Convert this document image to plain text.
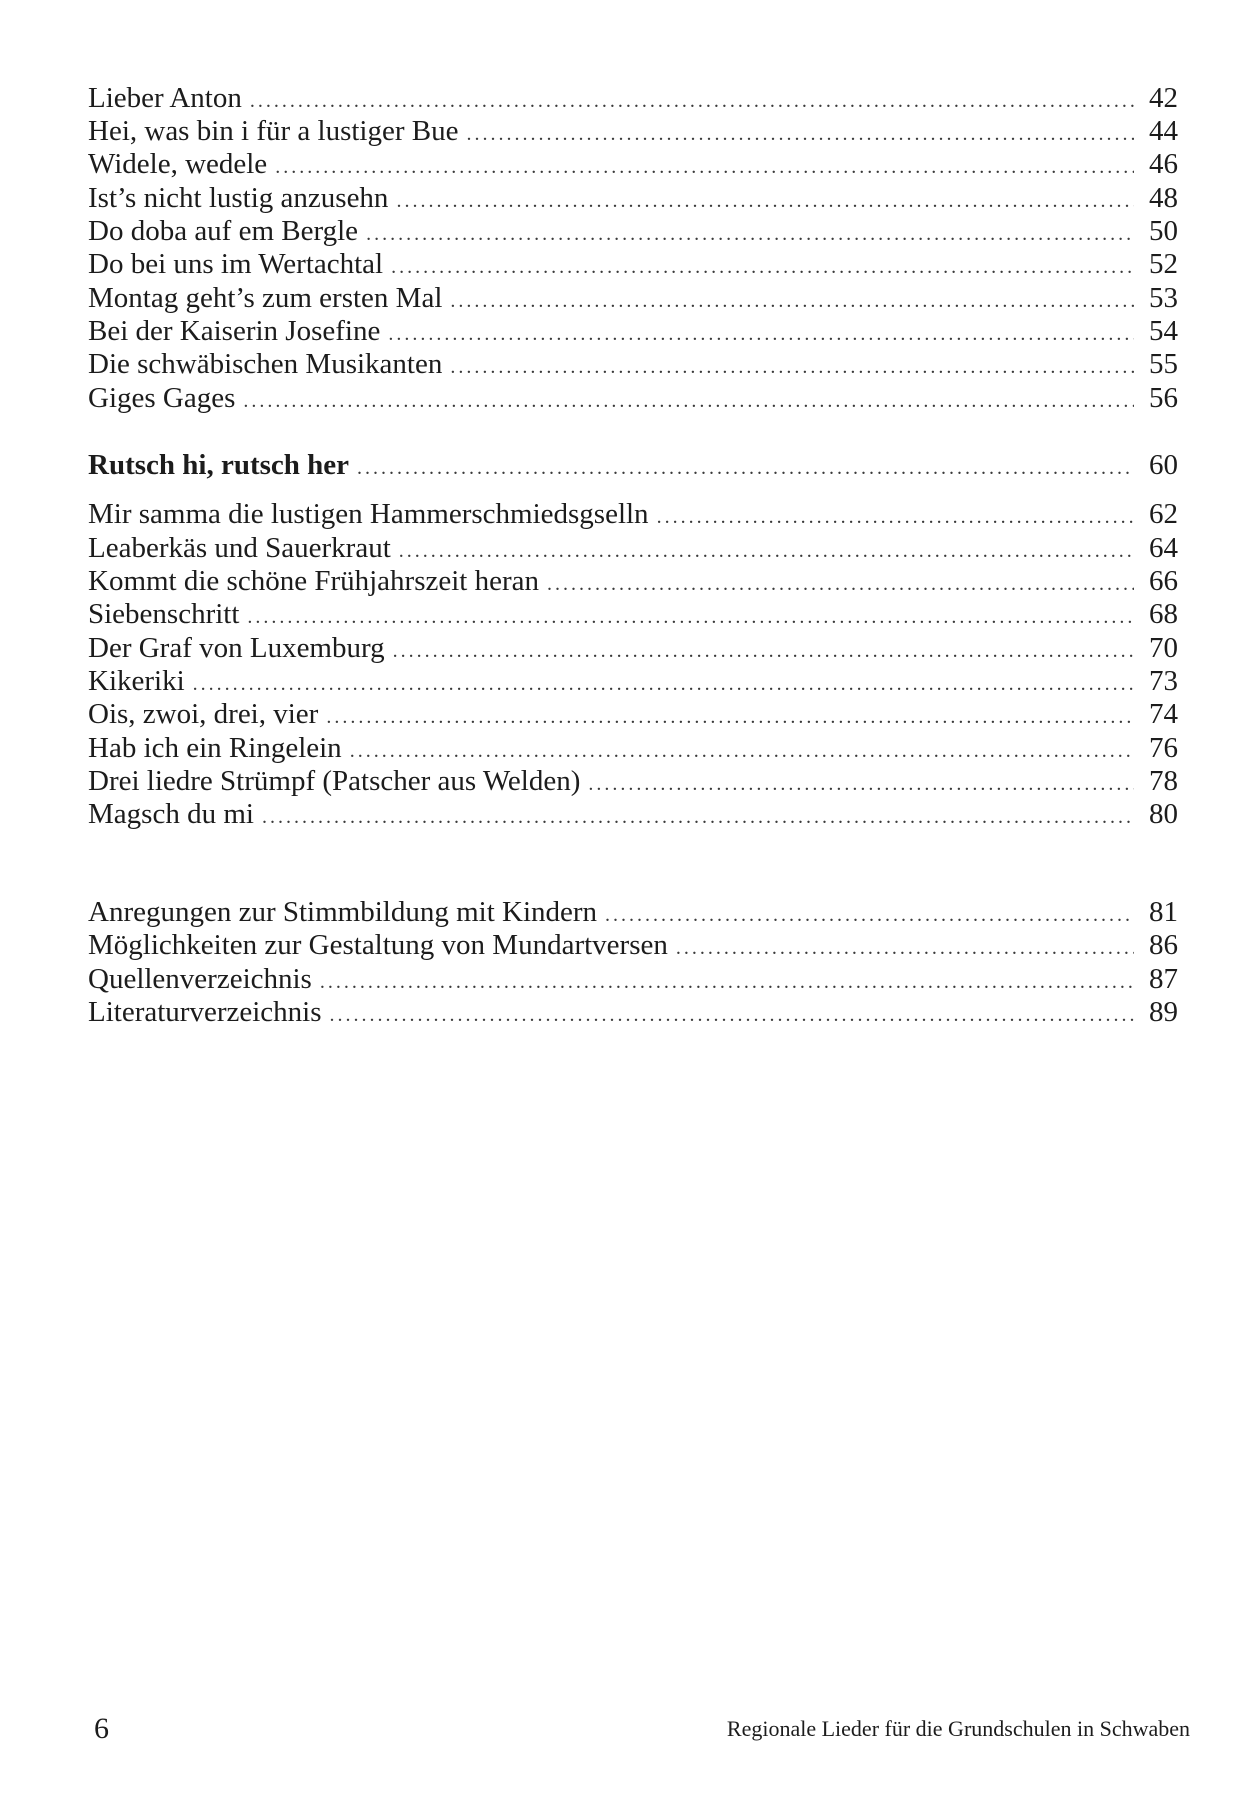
Lieber Anton .....	42
Hei, was bin i für a lustiger Bue .....	44
Widele, wedele .....	46
Ist’s nicht lustig anzusehn .....	48
Do doba auf em Bergle .....	50
Do bei uns im Wertachtal .....	52
Montag geht’s zum ersten Mal .....	53
Bei der Kaiserin Josefine .....	54
Die schwäbischen Musikanten .....	55
Giges Gages .....	56
Rutsch hi, rutsch her .....	60
Mir samma die lustigen Hammerschmiedsgselln .....	62
Leaberkäs und Sauerkraut .....	64
Kommt die schöne Frühjahrszeit heran .....	66
Siebenschritt .....	68
Der Graf von Luxemburg .....	70
Kikeriki .....	73
Ois, zwoi, drei, vier .....	74
Hab ich ein Ringelein .....	76
Drei liedre Strümpf (Patscher aus Welden) .....	78
Magsch du mi .....	80
Anregungen zur Stimmbildung mit Kindern .....	81
Möglichkeiten zur Gestaltung von Mundartversen .....	86
Quellenverzeichnis .....	87
Literaturverzeichnis .....	89
6	Regionale Lieder für die Grundschulen in Schwaben
